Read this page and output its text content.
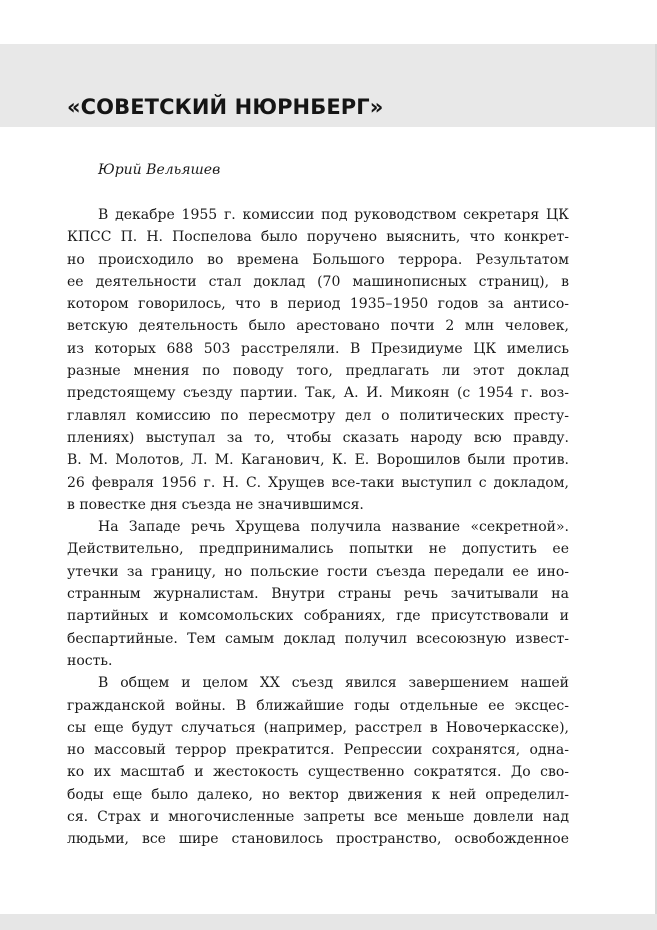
«СОВЕТСКИЙ НЮРНБЕРГ»

Юрий Вельяшев

В декабре 1955 г. комиссии под руководством секретаря ЦК
КПСС П. Н. Поспелова было поручено выяснить, что конкрет-
но происходило во времена Большого террора. Результатом
ее деятельности стал доклад (70 машинописных страниц), в
котором говорилось, что в период 1935–1950 годов за антисо-
ветскую деятельность было арестовано почти 2 млн человек,
из которых 688 503 расстреляли. В Президиуме ЦК имелись
разные мнения по поводу того, предлагать ли этот доклад
предстоящему съезду партии. Так, А. И. Микоян (с 1954 г. воз-
главлял комиссию по пересмотру дел о политических престу-
плениях) выступал за то, чтобы сказать народу всю правду.
В. М. Молотов, Л. М. Каганович, К. Е. Ворошилов были против.
26 февраля 1956 г. Н. С. Хрущев все-таки выступил с докладом,
в повестке дня съезда не значившимся.
На Западе речь Хрущева получила название «секретной».
Действительно, предпринимались попытки не допустить ее
утечки за границу, но польские гости съезда передали ее ино-
странным журналистам. Внутри страны речь зачитывали на
партийных и комсомольских собраниях, где присутствовали и
беспартийные. Тем самым доклад получил всесоюзную извест-
ность.
В общем и целом XX съезд явился завершением нашей
гражданской войны. В ближайшие годы отдельные ее эксцес-
сы еще будут случаться (например, расстрел в Новочеркасске),
но массовый террор прекратится. Репрессии сохранятся, одна-
ко их масштаб и жестокость существенно сократятся. До сво-
боды еще было далеко, но вектор движения к ней определил-
ся. Страх и многочисленные запреты все меньше довлели над
людьми, все шире становилось пространство, освобожденное
